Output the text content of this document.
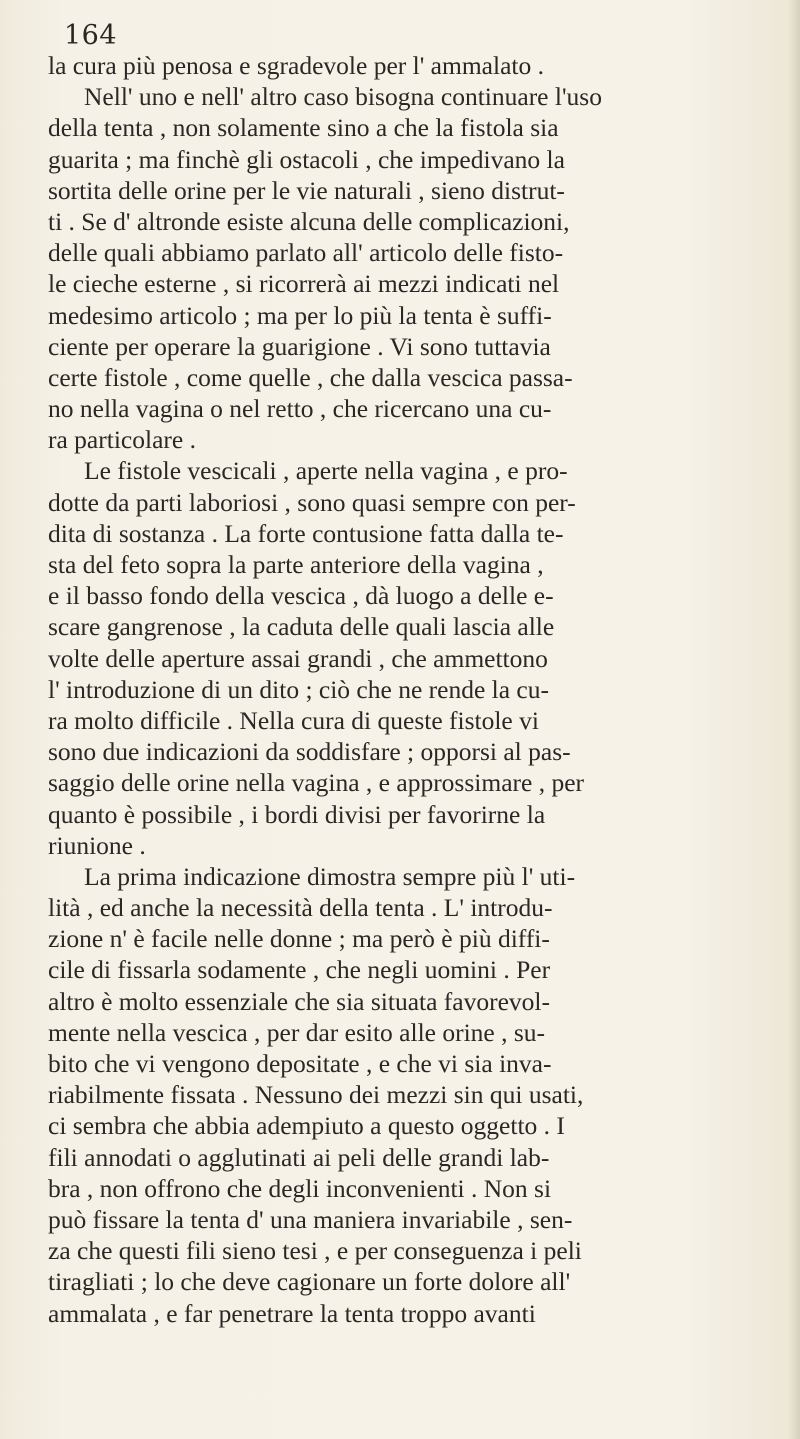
164
la cura più penosa e sgradevole per l' ammalato .
Nell' uno e nell' altro caso bisogna continuare l'uso
della tenta , non solamente sino a che la fistola sia
guarita ; ma finchè gli ostacoli , che impedivano la
sortita delle orine per le vie naturali , sieno distrut-
ti . Se d' altronde esiste alcuna delle complicazioni,
delle quali abbiamo parlato all' articolo delle fisto-
le cieche esterne , si ricorrerà ai mezzi indicati nel
medesimo articolo ; ma per lo più la tenta è suffi-
ciente per operare la guarigione . Vi sono tuttavia
certe fistole , come quelle , che dalla vescica passa-
no nella vagina o nel retto , che ricercano una cu-
ra particolare .
Le fistole vescicali , aperte nella vagina , e pro-
dotte da parti laboriosi , sono quasi sempre con per-
dita di sostanza . La forte contusione fatta dalla te-
sta del feto sopra la parte anteriore della vagina ,
e il basso fondo della vescica , dà luogo a delle e-
scare gangrenose , la caduta delle quali lascia alle
volte delle aperture assai grandi , che ammettono
l' introduzione di un dito ; ciò che ne rende la cu-
ra molto difficile . Nella cura di queste fistole vi
sono due indicazioni da soddisfare ; opporsi al pas-
saggio delle orine nella vagina , e approssimare , per
quanto è possibile , i bordi divisi per favorirne la
riunione .
La prima indicazione dimostra sempre più l' uti-
lità , ed anche la necessità della tenta . L' introdu-
zione n' è facile nelle donne ; ma però è più diffi-
cile di fissarla sodamente , che negli uomini . Per
altro è molto essenziale che sia situata favorevol-
mente nella vescica , per dar esito alle orine , su-
bito che vi vengono depositate , e che vi sia inva-
riabilmente fissata . Nessuno dei mezzi sin qui usati,
ci sembra che abbia adempiuto a questo oggetto . I
fili annodati o agglutinati ai peli delle grandi lab-
bra , non offrono che degli inconvenienti . Non si
può fissare la tenta d' una maniera invariabile , sen-
za che questi fili sieno tesi , e per conseguenza i peli
tiragliati ; lo che deve cagionare un forte dolore all'
ammalata , e far penetrare la tenta troppo avanti
